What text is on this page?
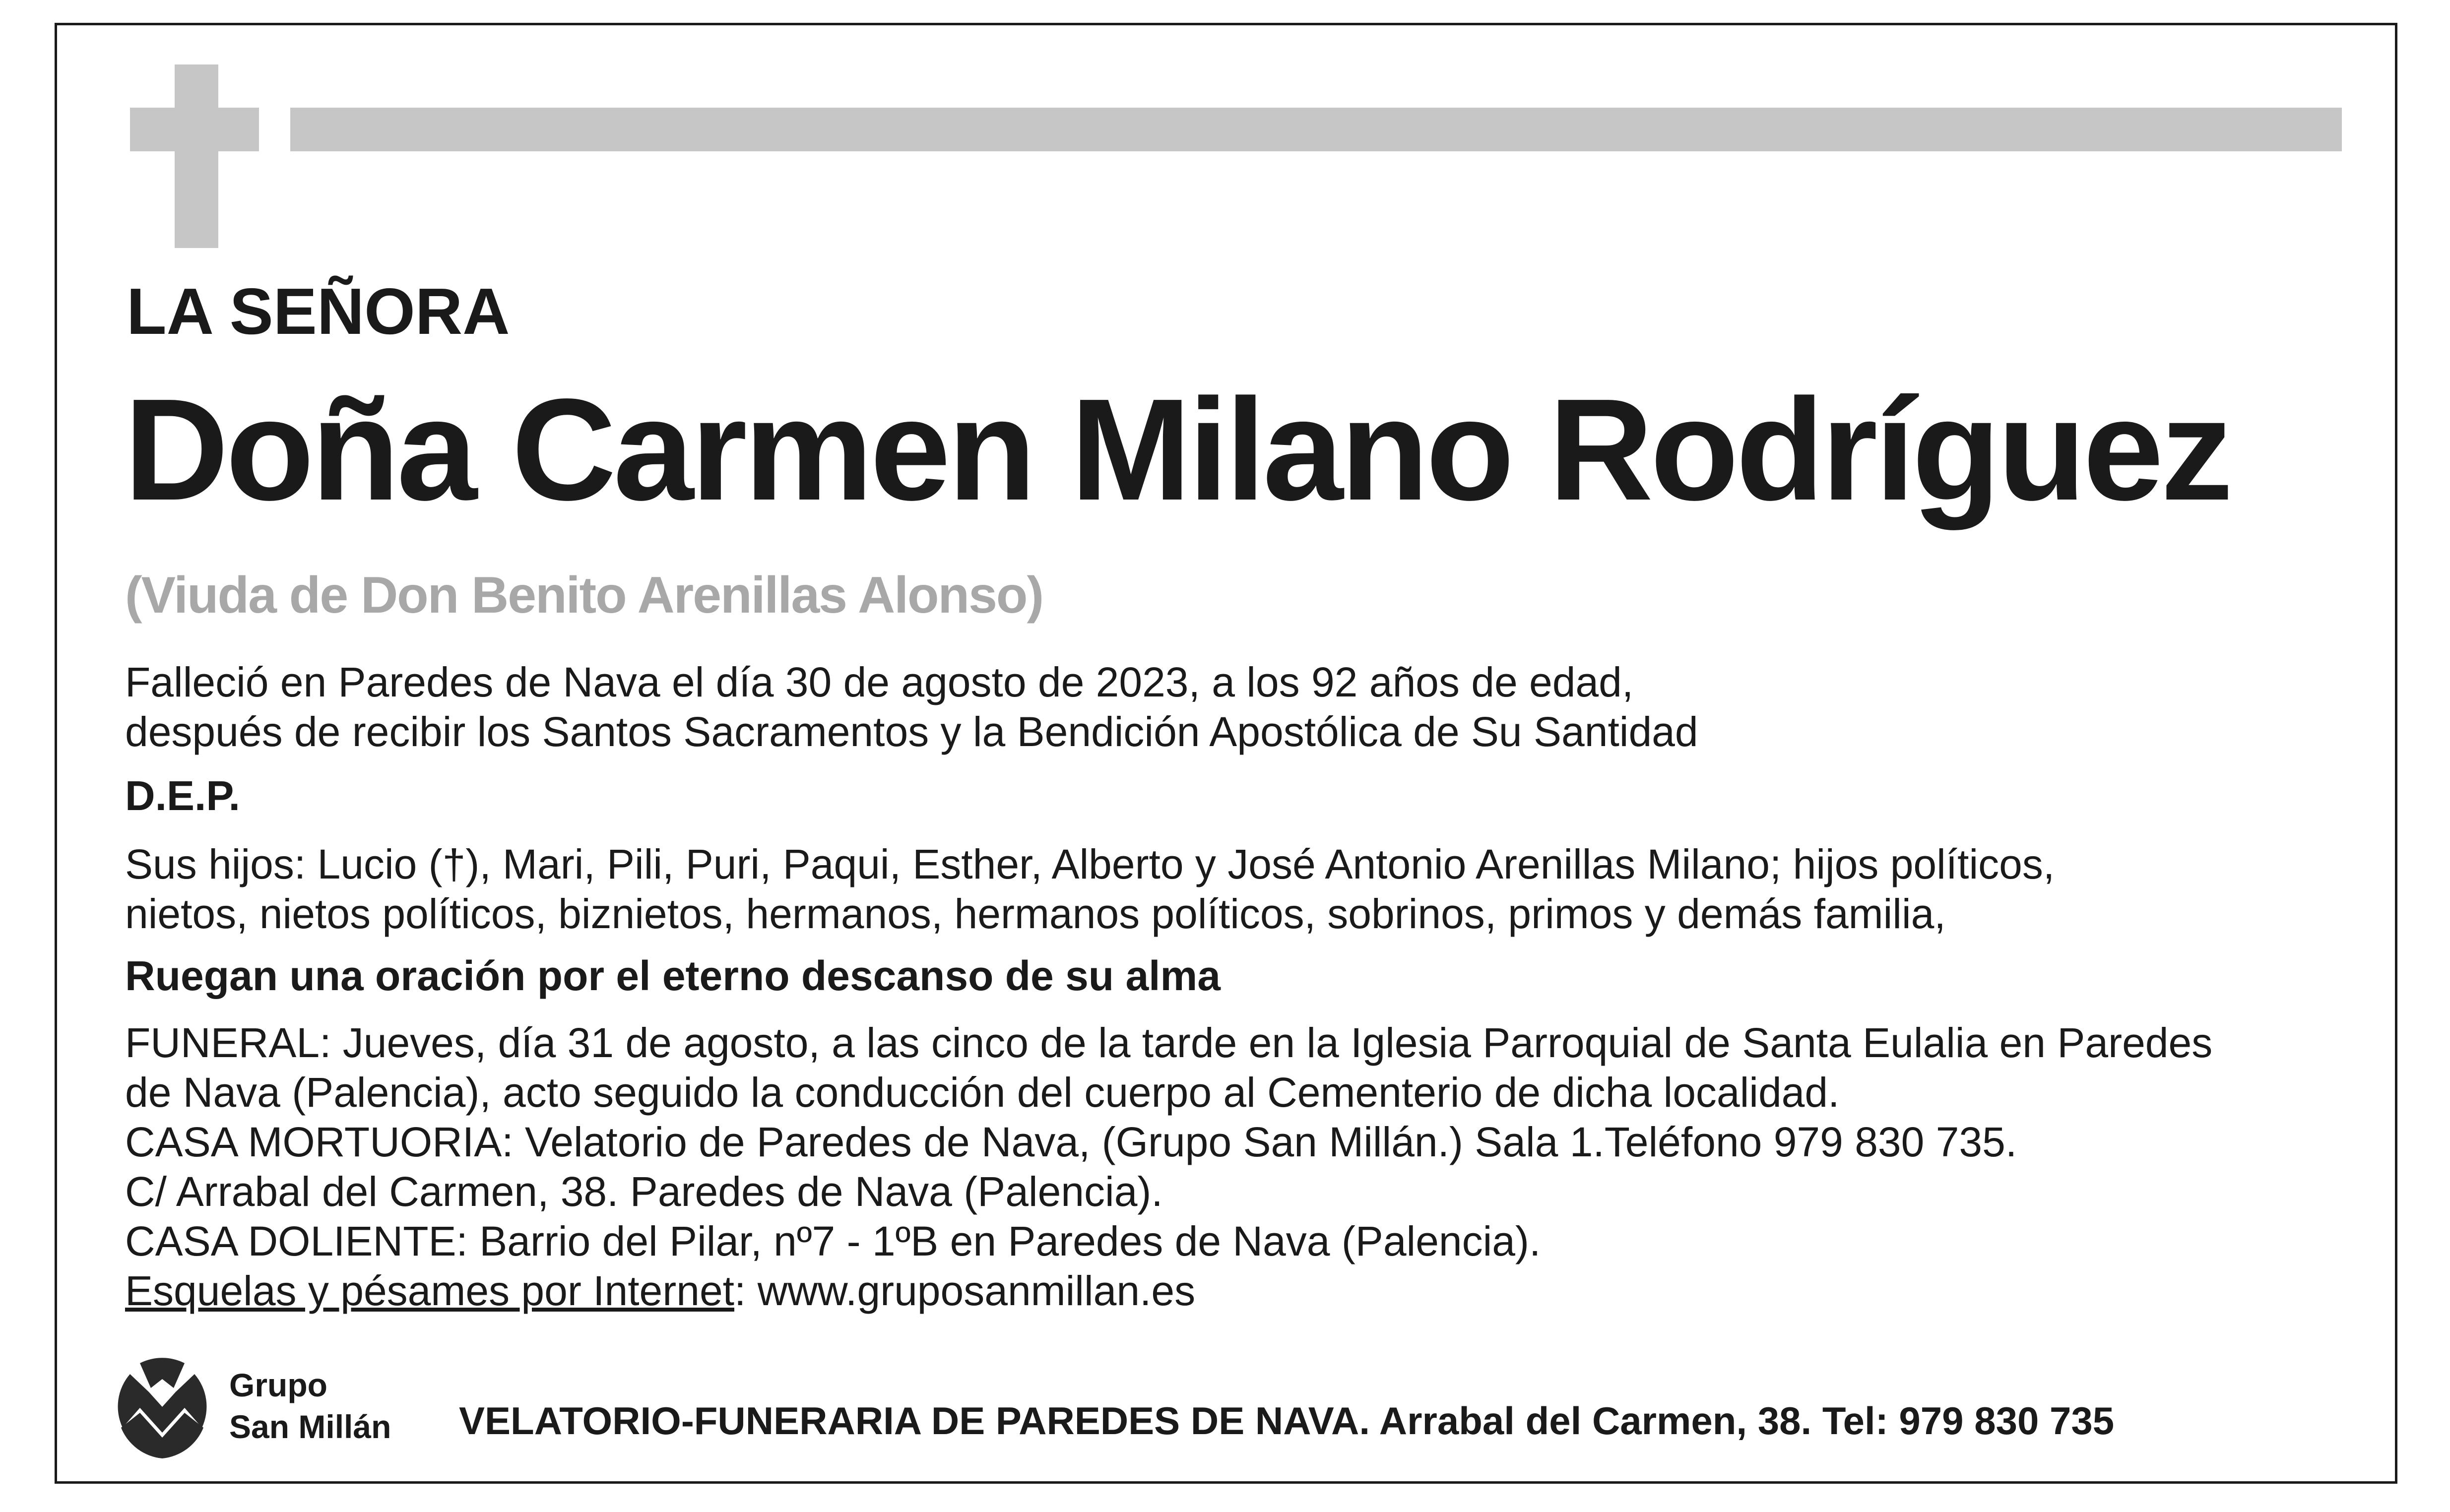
LA SEÑORA
Doña Carmen Milano Rodríguez
(Viuda de Don Benito Arenillas Alonso)

Falleció en Paredes de Nava el día 30 de agosto de 2023, a los 92 años de edad,

después de recibir los Santos Sacramentos y la Bendición Apostólica de Su Santidad

D.E.P.

Sus hijos: Lucio (†), Mari, Pili, Puri, Paqui, Esther, Alberto y José Antonio Arenillas Milano; hijos políticos,

nietos, nietos políticos, biznietos, hermanos, hermanos políticos, sobrinos, primos y demás familia,

Ruegan una oración por el eterno descanso de su alma

FUNERAL: Jueves, día 31 de agosto, a las cinco de la tarde en la Iglesia Parroquial de Santa Eulalia en Paredes

de Nava (Palencia), acto seguido la conducción del cuerpo al Cementerio de dicha localidad.

CASA MORTUORIA: Velatorio de Paredes de Nava, (Grupo San Millán.) Sala 1.Teléfono 979 830 735.

C/ Arrabal del Carmen, 38. Paredes de Nava (Palencia).

CASA DOLIENTE: Barrio del Pilar, nº7 - 1ºB en Paredes de Nava (Palencia).

Esquelas y pésames por Internet: www.gruposanmillan.es

Grupo
San Millán VELATORIO-FUNERARIA DE PAREDES DE NAVA. Arrabal del Carmen, 38. Tel: 979 830 735
